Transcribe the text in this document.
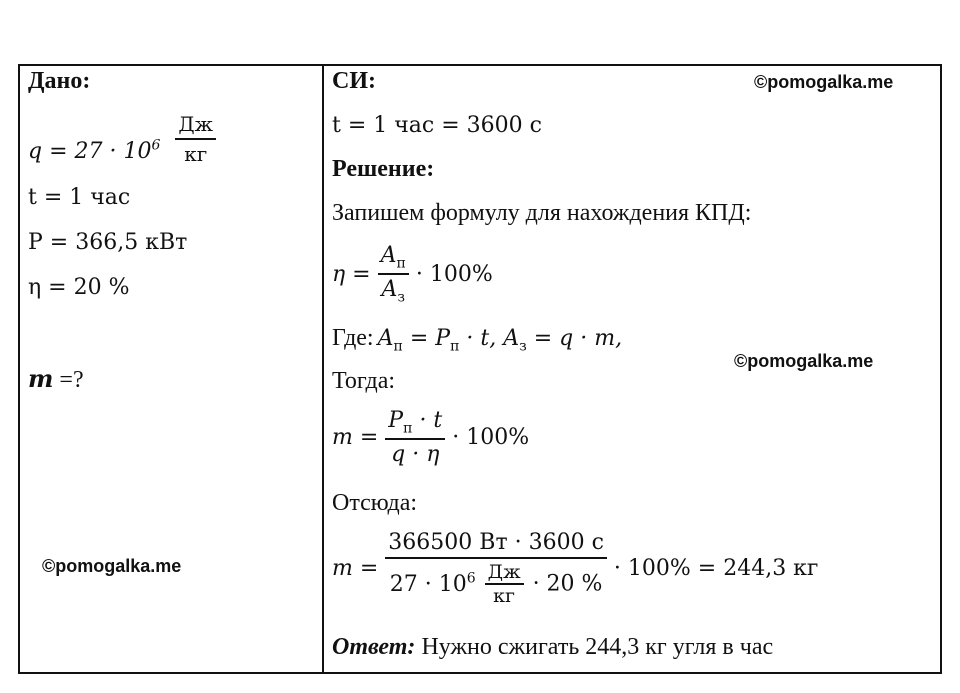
Дано:
$q = 27 \cdot 10^6 \frac{Дж}{кг}$
t = 1 час
P = 366,5 кВт
η = 20 %
m =?
©pomogalka.me
СИ:	©pomogalka.me
t = 1 час = 3600 с
Решение:
Запишем формулу для нахождения КПД:
$\eta = \frac{A_п}{A_з} \cdot 100\%$
Где: $A_п = P_п \cdot t$, $A_з = q \cdot m$,
©pomogalka.me
Тогда:
$m = \frac{P_п \cdot t}{q \cdot \eta} \cdot 100\%$
Отсюда:
$m = \frac{366500 Вт \cdot 3600 с}{27 \cdot 10^6 \frac{Дж}{кг} \cdot 20 \%} \cdot 100\% = 244,3$ кг
Ответ: Нужно сжигать 244,3 кг угля в час
